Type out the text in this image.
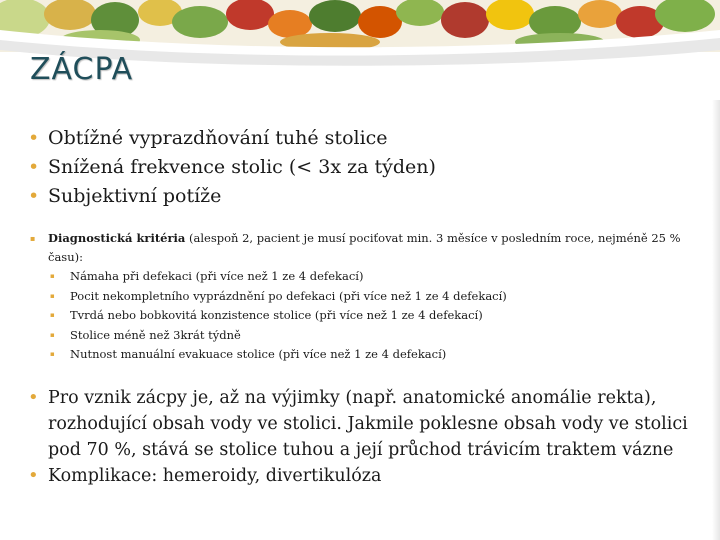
ZÁCPA
• Obtížné vyprazdňování tuhé stolice
• Snížená frekvence stolic (< 3x za týden)
• Subjektivní potíže
▪ Diagnostická kritéria (alespoň 2, pacient je musí pociťovat min. 3 měsíce v posledním roce, nejméně 25 % času):
▪ Námaha při defekaci (při více než 1 ze 4 defekací)
▪ Pocit nekompletního vyprázdnění po defekaci (při více než 1 ze 4 defekací)
▪ Tvrdá nebo bobkovitá konzistence stolice (při více než 1 ze 4 defekací)
▪ Stolice méně než 3krát týdně
▪ Nutnost manuální evakuace stolice (při více než 1 ze 4 defekací)
• Pro vznik zácpy je, až na výjimky (např. anatomické anomálie rekta), rozhodující obsah vody ve stolici. Jakmile poklesne obsah vody ve stolici pod 70 %, stává se stolice tuhou a její průchod trávicím traktem vázne
• Komplikace: hemeroidy, divertikulóza
